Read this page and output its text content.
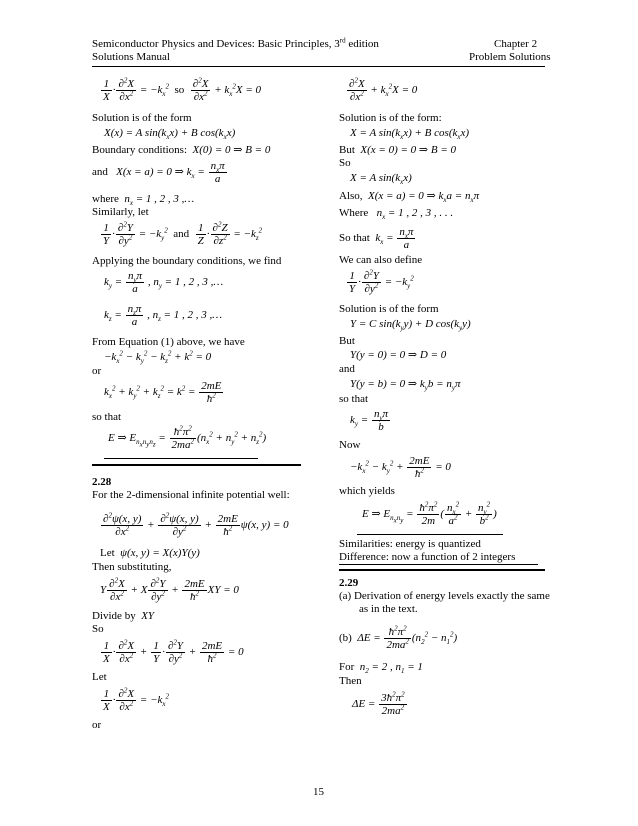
Semiconductor Physics and Devices: Basic Principles, 3rd edition
Solutions Manual
Chapter 2
Problem Solutions
$\frac{1}{X} \cdot \frac{\partial^2X}{\partial x^2} = -k_x^2$ so $\frac{\partial^2X}{\partial x^2} + k_x^2X = 0$
Solution is of the form
X(x) = A $\sin(k_xx) + B$ $\cos(k_xx)$
Boundary conditions:  X(0) = 0 ⇒ B = 0
and X(x = a) = 0 ⇒ $k_x = \frac{n_x\pi}{a}$
where $n_x = 1$ , 2 , 3 ,…
Similarly, let
$\frac{1}{Y} \cdot \frac{\partial^2Y}{\partial y^2} = -k_y^2$ and $\frac{1}{Z} \cdot \frac{\partial^2Z}{\partial z^2} = -k_z^2$
Applying the boundary conditions, we find
$k_y = \frac{n_y\pi}{a}$ , $n_y = 1$ , 2 , 3 ,…
$k_z = \frac{n_z\pi}{a}$ , $n_z = 1$ , 2 , 3 ,…
From Equation (1) above, we have
$-k_x^2 - k_y^2 - k_z^2 + k^2 = 0$
or
$k_x^2 + k_y^2 + k_z^2 = k^2 = \frac{2mE}{ħ^2}$
so that
E ⇒ $E_{n_xn_yn_z} = \frac{ħ^2\pi^2}{2ma^2} (n_x^2 + n_y^2 + n_z^2)$
2.28
For the 2-dimensional infinite potential well:
$\frac{\partial^2\psi(x, y)}{\partial x^2} + \frac{\partial^2\psi(x, y)}{\partial y^2} + \frac{2mE}{ħ^2} \psi(x$, y) = 0
Let ψ(x, y) = X(x)Y(y)
Then substituting,
Y $\frac{\partial^2X}{\partial x^2} + X \frac{\partial^2Y}{\partial y^2} + \frac{2mE}{ħ^2}$ XY = 0
Divide by XY
So
$\frac{1}{X} \cdot \frac{\partial^2X}{\partial x^2} + \frac{1}{Y} \cdot \frac{\partial^2Y}{\partial y^2} + \frac{2mE}{ħ^2} = 0$
Let
$\frac{1}{X} \cdot \frac{\partial^2X}{\partial x^2} = -k_x^2$
or
$\frac{\partial^2X}{\partial x^2} + k_x^2X = 0$
Solution is of the form:
X = A $\sin(k_xx) + B$ $\cos(k_xx)$
But X(x = 0) = 0 ⇒ B = 0
So
X = A $\sin(k_xx)$
Also, X(x = a) = 0 ⇒ $k_xa = n_x\pi$
Where $n_x = 1$ , 2 , 3 , . . .
So that $k_x = \frac{n_x\pi}{a}$
We can also define
$\frac{1}{Y} \cdot \frac{\partial^2Y}{\partial y^2} = -k_y^2$
Solution is of the form
Y = C $\sin(k_yy) + D$ $\cos(k_yy)$
But
Y(y = 0) = 0 ⇒ D = 0
and
Y(y = b) = 0 ⇒ $k_yb = n_y\pi$
so that
$k_y = \frac{n_y\pi}{b}$
Now
$-k_x^2 - k_y^2 + \frac{2mE}{ħ^2} = 0$
which yields
E ⇒ $E_{n_xn_y} = \frac{ħ^2\pi^2}{2m}$ ( $\frac{n_x^2}{a^2} + \frac{n_y^2}{b^2}$ )
Similarities: energy is quantized
Difference: now a function of 2 integers
2.29
(a) Derivation of energy levels exactly the same
as in the text.
(b) $\Delta E = \frac{ħ^2\pi^2}{2ma^2} (n_2^2 - n_1^2)$
For $n_2 = 2$ , $n_1 = 1$
Then
$\Delta E = \frac{3ħ^2\pi^2}{2ma^2}$
15
